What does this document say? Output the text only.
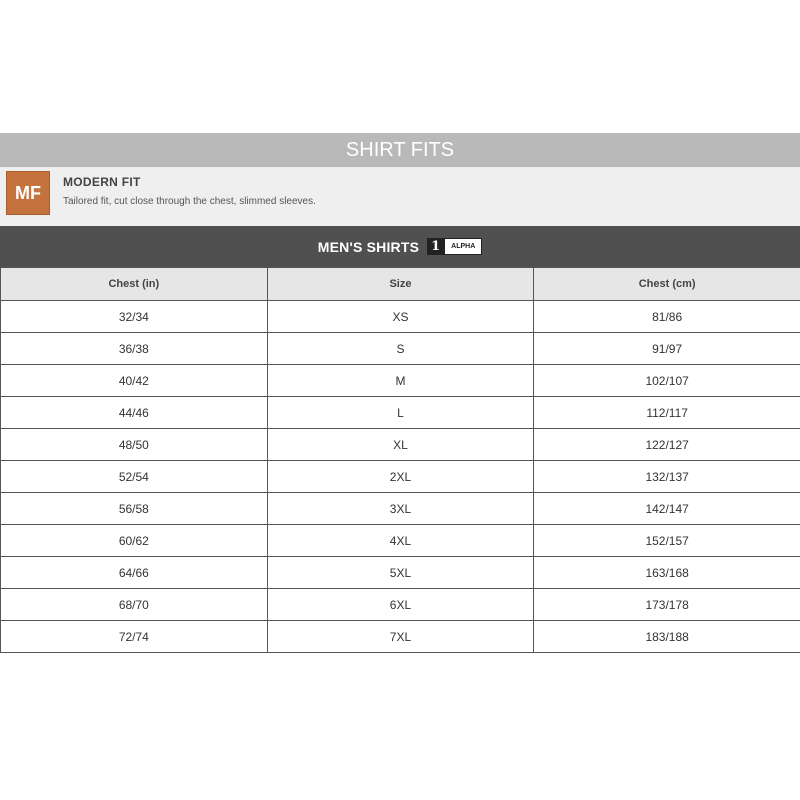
SHIRT FITS
MF
MODERN FIT
Tailored fit, cut close through the chest, slimmed sleeves.
MEN'S SHIRTS 1	ALPHA
Chest (in)	Size	Chest (cm)
32/34	XS	81/86
36/38	S	91/97
40/42	M	102/107
44/46	L	112/117
48/50	XL	122/127
52/54	2XL	132/137
56/58	3XL	142/147
60/62	4XL	152/157
64/66	5XL	163/168
68/70	6XL	173/178
72/74	7XL	183/188
